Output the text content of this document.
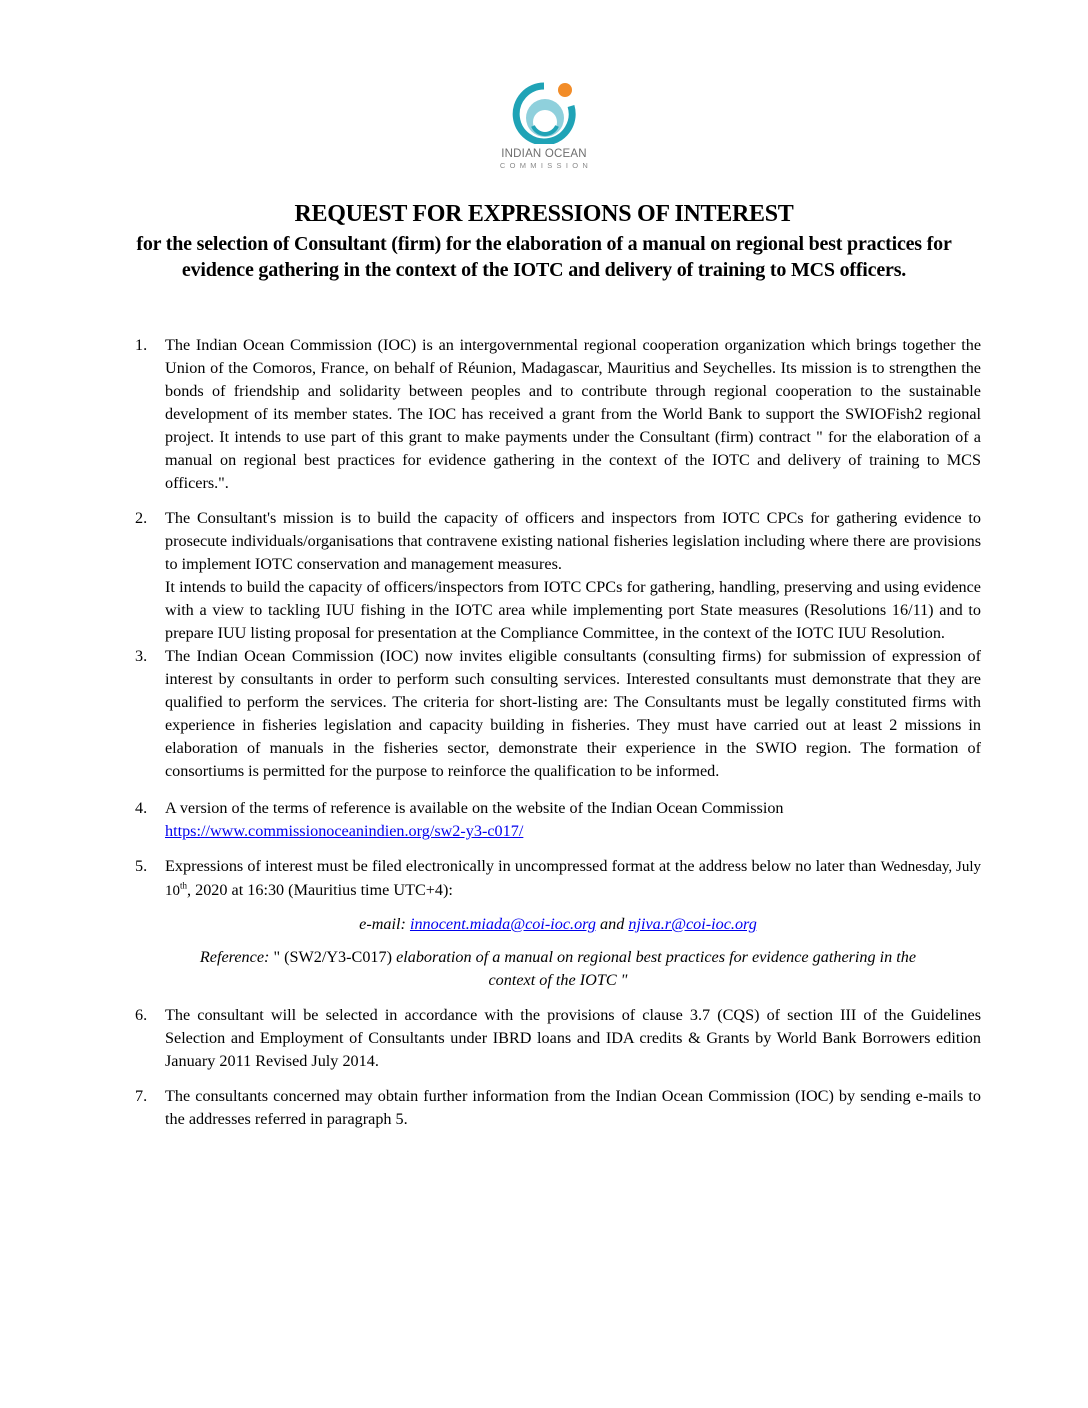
INDIAN OCEAN
COMMISSION
REQUEST FOR EXPRESSIONS OF INTEREST
for the selection of Consultant (firm) for the elaboration of a manual on regional best practices for evidence gathering in the context of the IOTC and delivery of training to MCS officers.
1. The Indian Ocean Commission (IOC) is an intergovernmental regional cooperation organization which brings together the Union of the Comoros, France, on behalf of Réunion, Madagascar, Mauritius and Seychelles. Its mission is to strengthen the bonds of friendship and solidarity between peoples and to contribute through regional cooperation to the sustainable development of its member states. The IOC has received a grant from the World Bank to support the SWIOFish2 regional project. It intends to use part of this grant to make payments under the Consultant (firm) contract " for the elaboration of a manual on regional best practices for evidence gathering in the context of the IOTC and delivery of training to MCS officers.".

2. The Consultant's mission is to build the capacity of officers and inspectors from IOTC CPCs for gathering evidence to prosecute individuals/organisations that contravene existing national fisheries legislation including where there are provisions to implement IOTC conservation and management measures.

It intends to build the capacity of officers/inspectors from IOTC CPCs for gathering, handling, preserving and using evidence with a view to tackling IUU fishing in the IOTC area while implementing port State measures (Resolutions 16/11) and to prepare IUU listing proposal for presentation at the Compliance Committee, in the context of the IOTC IUU Resolution.

3. The Indian Ocean Commission (IOC) now invites eligible consultants (consulting firms) for submission of expression of interest by consultants in order to perform such consulting services. Interested consultants must demonstrate that they are qualified to perform the services. The criteria for short-listing are: The Consultants must be legally constituted firms with experience in fisheries legislation and capacity building in fisheries. They must have carried out at least 2 missions in elaboration of manuals in the fisheries sector, demonstrate their experience in the SWIO region. The formation of consortiums is permitted for the purpose to reinforce the qualification to be informed.

4. A version of the terms of reference is available on the website of the Indian Ocean Commission
https://www.commissionoceanindien.org/sw2-y3-c017/

5. Expressions of interest must be filed electronically in uncompressed format at the address below no later than Wednesday, July 10th, 2020 at 16:30 (Mauritius time UTC+4):

e-mail: innocent.miada@coi-ioc.org and njiva.r@coi-ioc.org

Reference: " (SW2/Y3-C017) elaboration of a manual on regional best practices for evidence gathering in the context of the IOTC "

6. The consultant will be selected in accordance with the provisions of clause 3.7 (CQS) of section III of the Guidelines Selection and Employment of Consultants under IBRD loans and IDA credits & Grants by World Bank Borrowers edition January 2011 Revised July 2014.

7. The consultants concerned may obtain further information from the Indian Ocean Commission (IOC) by sending e-mails to the addresses referred in paragraph 5.
